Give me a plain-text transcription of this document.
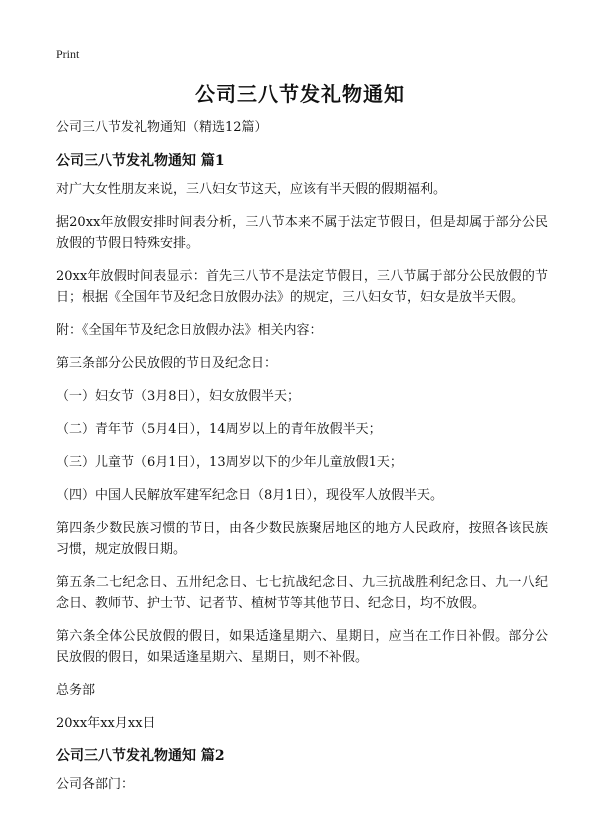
Print
公司三八节发礼物通知
公司三八节发礼物通知（精选12篇）
公司三八节发礼物通知 篇1

对广大女性朋友来说，三八妇女节这天，应该有半天假的假期福利。

据20xx年放假安排时间表分析，三八节本来不属于法定节假日，但是却属于部分公民放假的节假日特殊安排。

20xx年放假时间表显示：首先三八节不是法定节假日，三八节属于部分公民放假的节日；根据《全国年节及纪念日放假办法》的规定，三八妇女节，妇女是放半天假。

附：《全国年节及纪念日放假办法》相关内容：

第三条部分公民放假的节日及纪念日：

（一）妇女节（3月8日），妇女放假半天；

（二）青年节（5月4日），14周岁以上的青年放假半天；

（三）儿童节（6月1日），13周岁以下的少年儿童放假1天；

（四）中国人民解放军建军纪念日（8月1日），现役军人放假半天。

第四条少数民族习惯的节日，由各少数民族聚居地区的地方人民政府，按照各该民族习惯，规定放假日期。

第五条二七纪念日、五卅纪念日、七七抗战纪念日、九三抗战胜利纪念日、九一八纪念日、教师节、护士节、记者节、植树节等其他节日、纪念日，均不放假。

第六条全体公民放假的假日，如果适逢星期六、星期日，应当在工作日补假。部分公民放假的假日，如果适逢星期六、星期日，则不补假。

总务部

20xx年xx月xx日

公司三八节发礼物通知 篇2

公司各部门：
